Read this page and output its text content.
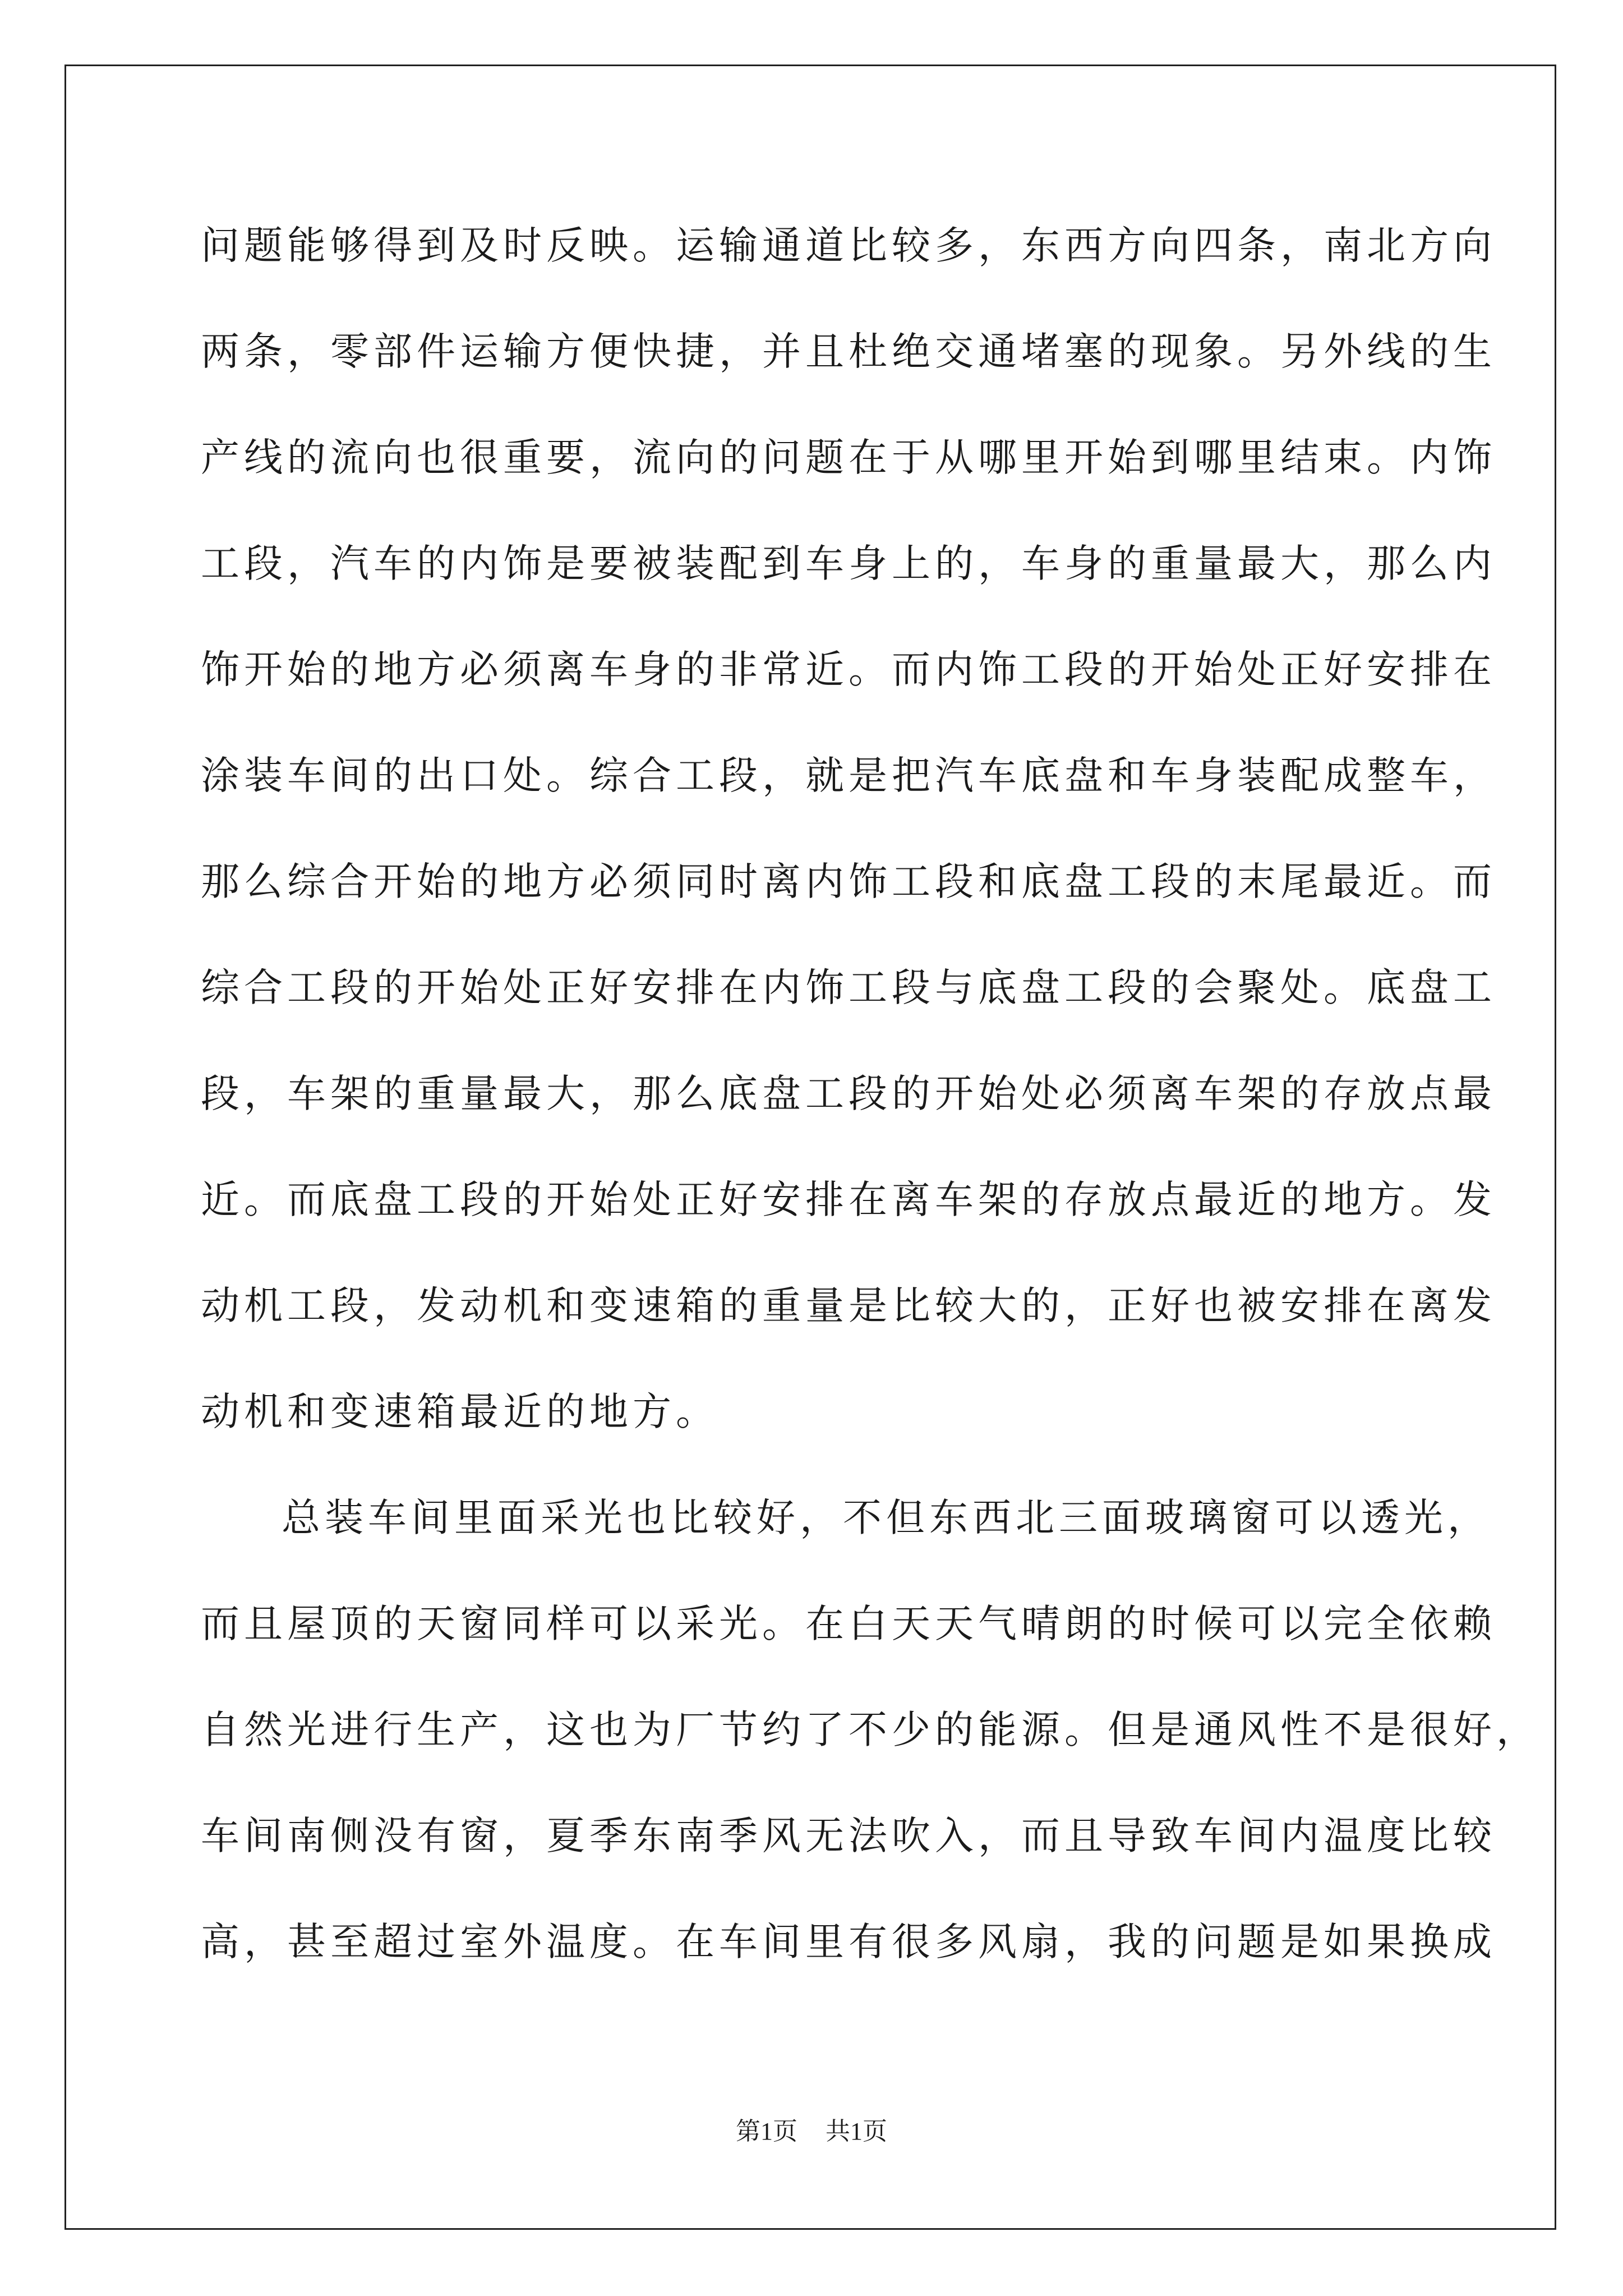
问题能够得到及时反映。运输通道比较多，东西方向四条，南北方向
两条，零部件运输方便快捷，并且杜绝交通堵塞的现象。另外线的生
产线的流向也很重要，流向的问题在于从哪里开始到哪里结束。内饰
工段，汽车的内饰是要被装配到车身上的，车身的重量最大，那么内
饰开始的地方必须离车身的非常近。而内饰工段的开始处正好安排在
涂装车间的出口处。综合工段，就是把汽车底盘和车身装配成整车，
那么综合开始的地方必须同时离内饰工段和底盘工段的末尾最近。而
综合工段的开始处正好安排在内饰工段与底盘工段的会聚处。底盘工
段，车架的重量最大，那么底盘工段的开始处必须离车架的存放点最
近。而底盘工段的开始处正好安排在离车架的存放点最近的地方。发
动机工段，发动机和变速箱的重量是比较大的，正好也被安排在离发
动机和变速箱最近的地方。
总装车间里面采光也比较好，不但东西北三面玻璃窗可以透光，
而且屋顶的天窗同样可以采光。在白天天气晴朗的时候可以完全依赖
自然光进行生产，这也为厂节约了不少的能源。但是通风性不是很好，
车间南侧没有窗，夏季东南季风无法吹入，而且导致车间内温度比较
高，甚至超过室外温度。在车间里有很多风扇，我的问题是如果换成
第1页 共1页
